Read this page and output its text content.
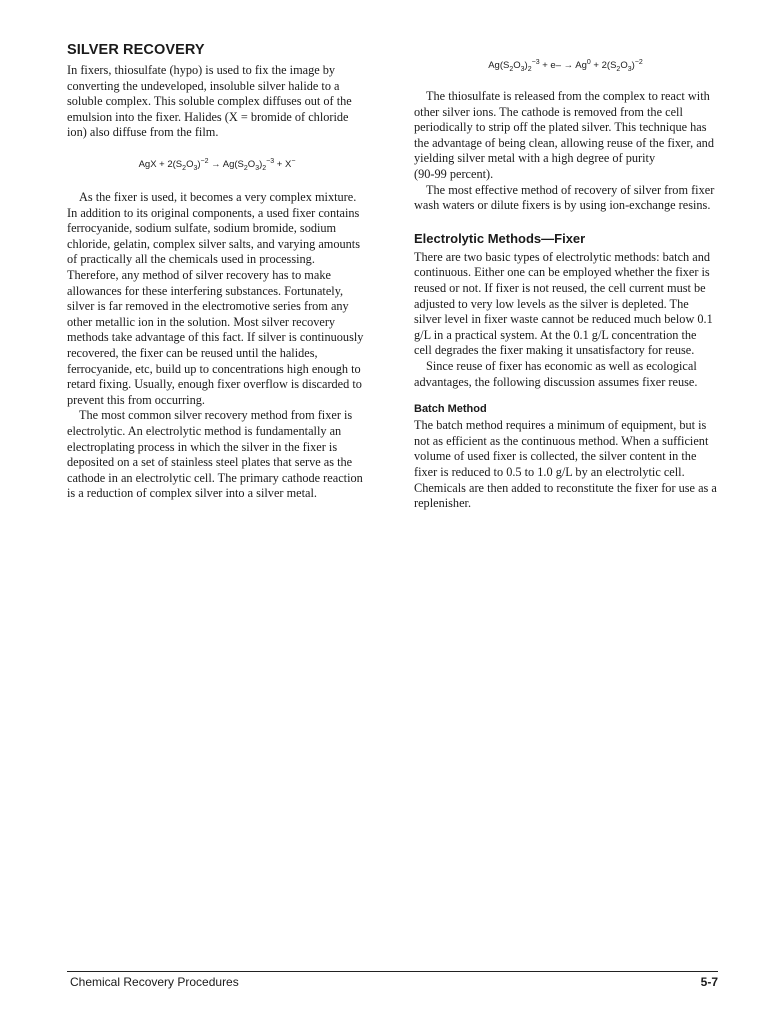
SILVER RECOVERY

In fixers, thiosulfate (hypo) is used to fix the image by converting the undeveloped, insoluble silver halide to a soluble complex. This soluble complex diffuses out of the emulsion into the fixer. Halides (X = bromide of chloride ion) also diffuse from the film.

AgX + $2(S_2O_3)^{-2} \to Ag(S_2O_3)_2^{-3} + X^-$

As the fixer is used, it becomes a very complex mixture. In addition to its original components, a used fixer contains ferrocyanide, sodium sulfate, sodium bromide, sodium chloride, gelatin, complex silver salts, and varying amounts of practically all the chemicals used in processing. Therefore, any method of silver recovery has to make allowances for these interfering substances. Fortunately, silver is far removed in the electromotive series from any other metallic ion in the solution. Most silver recovery methods take advantage of this fact. If silver is continuously recovered, the fixer can be reused until the halides, ferrocyanide, etc, build up to concentrations high enough to retard fixing. Usually, enough fixer overflow is discarded to prevent this from occurring.

The most common silver recovery method from fixer is electrolytic. An electrolytic method is fundamentally an electroplating process in which the silver in the fixer is deposited on a set of stainless steel plates that serve as the cathode in an electrolytic cell. The primary cathode reaction is a reduction of complex silver into a silver metal.

$Ag(S_2O_3)_2^{-3} + e- \to Ag^0 + 2(S_2O_3)^{-2}$

The thiosulfate is released from the complex to react with other silver ions. The cathode is removed from the cell periodically to strip off the plated silver. This technique has the advantage of being clean, allowing reuse of the fixer, and yielding silver metal with a high degree of purity

(90-99 percent).

The most effective method of recovery of silver from fixer wash waters or dilute fixers is by using ion-exchange resins.

Electrolytic Methods—Fixer

There are two basic types of electrolytic methods: batch and continuous. Either one can be employed whether the fixer is reused or not. If fixer is not reused, the cell current must be adjusted to very low levels as the silver is depleted. The silver level in fixer waste cannot be reduced much below 0.1 g/L in a practical system. At the 0.1 g/L concentration the cell degrades the fixer making it unsatisfactory for reuse.

Since reuse of fixer has economic as well as ecological advantages, the following discussion assumes fixer reuse.

Batch Method

The batch method requires a minimum of equipment, but is not as efficient as the continuous method. When a sufficient volume of used fixer is collected, the silver content in the fixer is reduced to 0.5 to 1.0 g/L by an electrolytic cell. Chemicals are then added to reconstitute the fixer for use as a replenisher.

Chemical Recovery Procedures	5-7
